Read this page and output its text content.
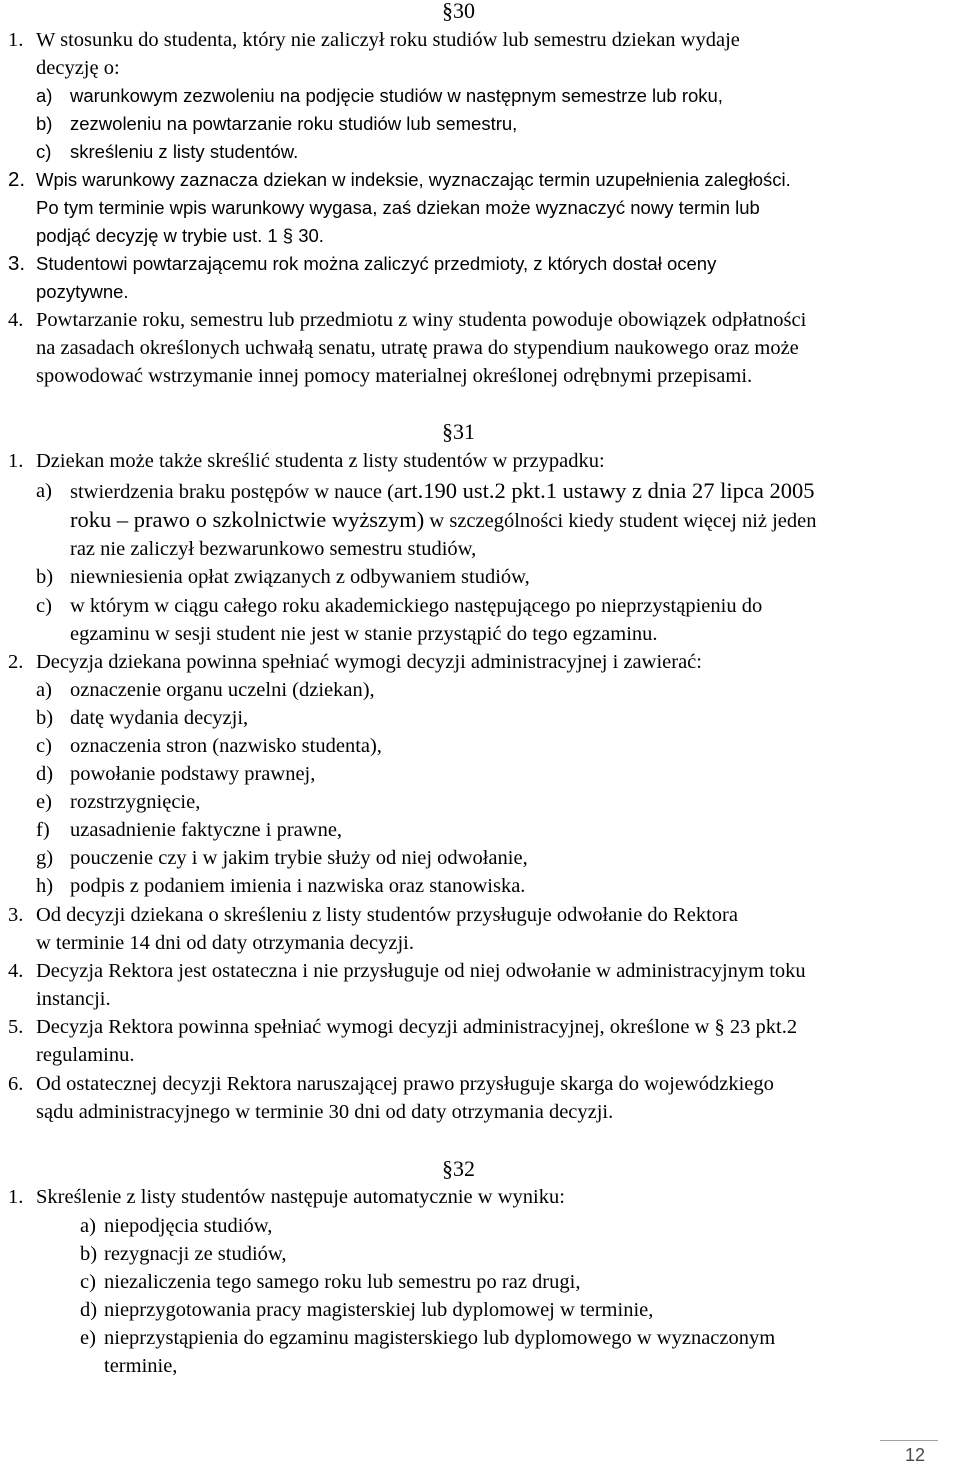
§30
1. W stosunku do studenta, który nie zaliczył roku studiów lub semestru dziekan wydaje
decyzję o:
a) warunkowym zezwoleniu na podjęcie studiów w następnym semestrze lub roku,
b) zezwoleniu na powtarzanie roku studiów lub semestru,
c) skreśleniu z listy studentów.
2. Wpis warunkowy zaznacza dziekan w indeksie, wyznaczając termin uzupełnienia zaległości.
Po tym terminie wpis warunkowy wygasa, zaś dziekan może wyznaczyć nowy termin lub
podjąć decyzję w trybie ust. 1 § 30.
3. Studentowi powtarzającemu rok można zaliczyć przedmioty, z których dostał oceny
pozytywne.
4. Powtarzanie roku, semestru lub przedmiotu z winy studenta powoduje obowiązek odpłatności
na zasadach określonych uchwałą senatu, utratę prawa do stypendium naukowego oraz może
spowodować wstrzymanie innej pomocy materialnej określonej odrębnymi przepisami.
§31
1. Dziekan może także skreślić studenta z listy studentów w przypadku:
a) stwierdzenia braku postępów w nauce (art.190 ust.2 pkt.1 ustawy z dnia 27 lipca 2005
roku – prawo o szkolnictwie wyższym) w szczególności kiedy student więcej niż jeden
raz nie zaliczył bezwarunkowo semestru studiów,
b) niewniesienia opłat związanych z odbywaniem studiów,
c) w którym w ciągu całego roku akademickiego następującego po nieprzystąpieniu do
egzaminu w sesji student nie jest w stanie przystąpić do tego egzaminu.
2. Decyzja dziekana powinna spełniać wymogi decyzji administracyjnej i zawierać:
a) oznaczenie organu uczelni (dziekan),
b) datę wydania decyzji,
c) oznaczenia stron (nazwisko studenta),
d) powołanie podstawy prawnej,
e) rozstrzygnięcie,
f) uzasadnienie faktyczne i prawne,
g) pouczenie czy i w jakim trybie służy od niej odwołanie,
h) podpis z podaniem imienia i nazwiska oraz stanowiska.
3. Od decyzji dziekana o skreśleniu z listy studentów przysługuje odwołanie do Rektora
w terminie 14 dni od daty otrzymania decyzji.
4. Decyzja Rektora jest ostateczna i nie przysługuje od niej odwołanie w administracyjnym toku
instancji.
5. Decyzja Rektora powinna spełniać wymogi decyzji administracyjnej, określone w § 23 pkt.2
regulaminu.
6. Od ostatecznej decyzji Rektora naruszającej prawo przysługuje skarga do wojewódzkiego
sądu administracyjnego w terminie 30 dni od daty otrzymania decyzji.
§32
1. Skreślenie z listy studentów następuje automatycznie w wyniku:
a) niepodjęcia studiów,
b) rezygnacji ze studiów,
c) niezaliczenia tego samego roku lub semestru po raz drugi,
d) nieprzygotowania pracy magisterskiej lub dyplomowej w terminie,
e) nieprzystąpienia do egzaminu magisterskiego lub dyplomowego w wyznaczonym
terminie,
12
